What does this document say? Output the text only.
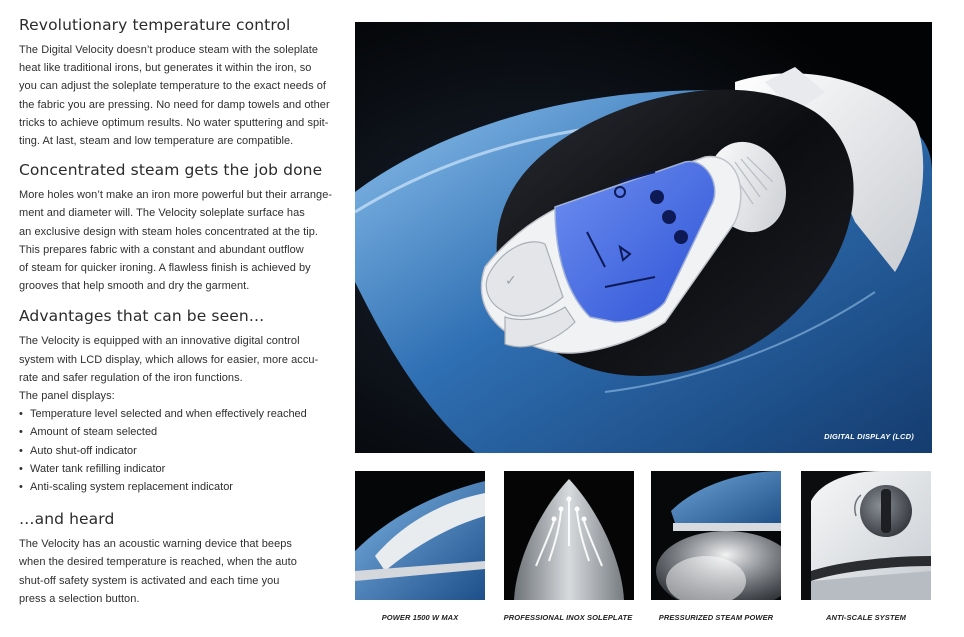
Revolutionary temperature control

The Digital Velocity doesn’t produce steam with the soleplate

heat like traditional irons, but generates it within the iron, so

you can adjust the soleplate temperature to the exact needs of

the fabric you are pressing. No need for damp towels and other

tricks to achieve optimum results. No water sputtering and spit-

ting. At last, steam and low temperature are compatible.

Concentrated steam gets the job done

More holes won’t make an iron more powerful but their arrange-

ment and diameter will. The Velocity soleplate surface has

an exclusive design with steam holes concentrated at the tip.

This prepares fabric with a constant and abundant outflow

of steam for quicker ironing. A flawless finish is achieved by

grooves that help smooth and dry the garment.

Advantages that can be seen…

The Velocity is equipped with an innovative digital control

system with LCD display, which allows for easier, more accu-

rate and safer regulation of the iron functions.

The panel displays:

• Temperature level selected and when effectively reached
• Amount of steam selected
• Auto shut-off indicator
• Water tank refilling indicator
• Anti-scaling system replacement indicator
…and heard

The Velocity has an acoustic warning device that beeps

when the desired temperature is reached, when the auto

shut-off safety system is activated and each time you

press a selection button.

✓
DIGITAL DISPLAY (LCD)
POWER 1500 W MAX	PROFESSIONAL INOX SOLEPLATE	PRESSURIZED STEAM POWER	ANTI-SCALE SYSTEM
